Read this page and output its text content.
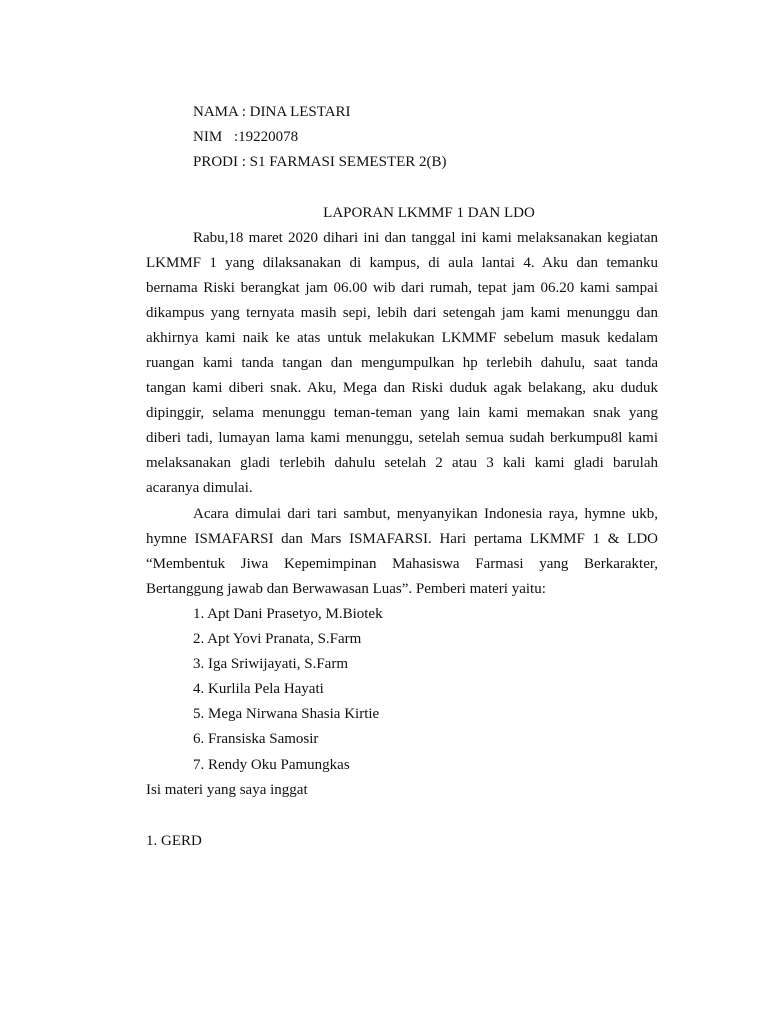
NAMA : DINA LESTARI
NIM :19220078
PRODI : S1 FARMASI SEMESTER 2(B)
LAPORAN LKMMF 1 DAN LDO
Rabu,18 maret 2020 dihari ini dan tanggal ini kami melaksanakan kegiatan
LKMMF 1 yang dilaksanakan di kampus, di aula lantai 4. Aku dan temanku
bernama Riski berangkat jam 06.00 wib dari rumah, tepat jam 06.20 kami sampai
dikampus yang ternyata masih sepi, lebih dari setengah jam kami menunggu dan
akhirnya kami naik ke atas untuk melakukan LKMMF sebelum masuk kedalam
ruangan kami tanda tangan dan mengumpulkan hp terlebih dahulu, saat tanda
tangan kami diberi snak. Aku, Mega dan Riski duduk agak belakang, aku duduk
dipinggir, selama menunggu teman-teman yang lain kami memakan snak yang
diberi tadi, lumayan lama kami menunggu, setelah semua sudah berkumpu8l kami
melaksanakan gladi terlebih dahulu setelah 2 atau 3 kali kami gladi barulah
acaranya dimulai.
Acara dimulai dari tari sambut, menyanyikan Indonesia raya, hymne ukb,
hymne ISMAFARSI dan Mars ISMAFARSI. Hari pertama LKMMF 1 & LDO
“Membentuk Jiwa Kepemimpinan Mahasiswa Farmasi yang Berkarakter,
Bertanggung jawab dan Berwawasan Luas”. Pemberi materi yaitu:
1. Apt Dani Prasetyo, M.Biotek
2. Apt Yovi Pranata, S.Farm
3. Iga Sriwijayati, S.Farm
4. Kurlila Pela Hayati
5. Mega Nirwana Shasia Kirtie
6. Fransiska Samosir
7. Rendy Oku Pamungkas
Isi materi yang saya inggat
1. GERD
